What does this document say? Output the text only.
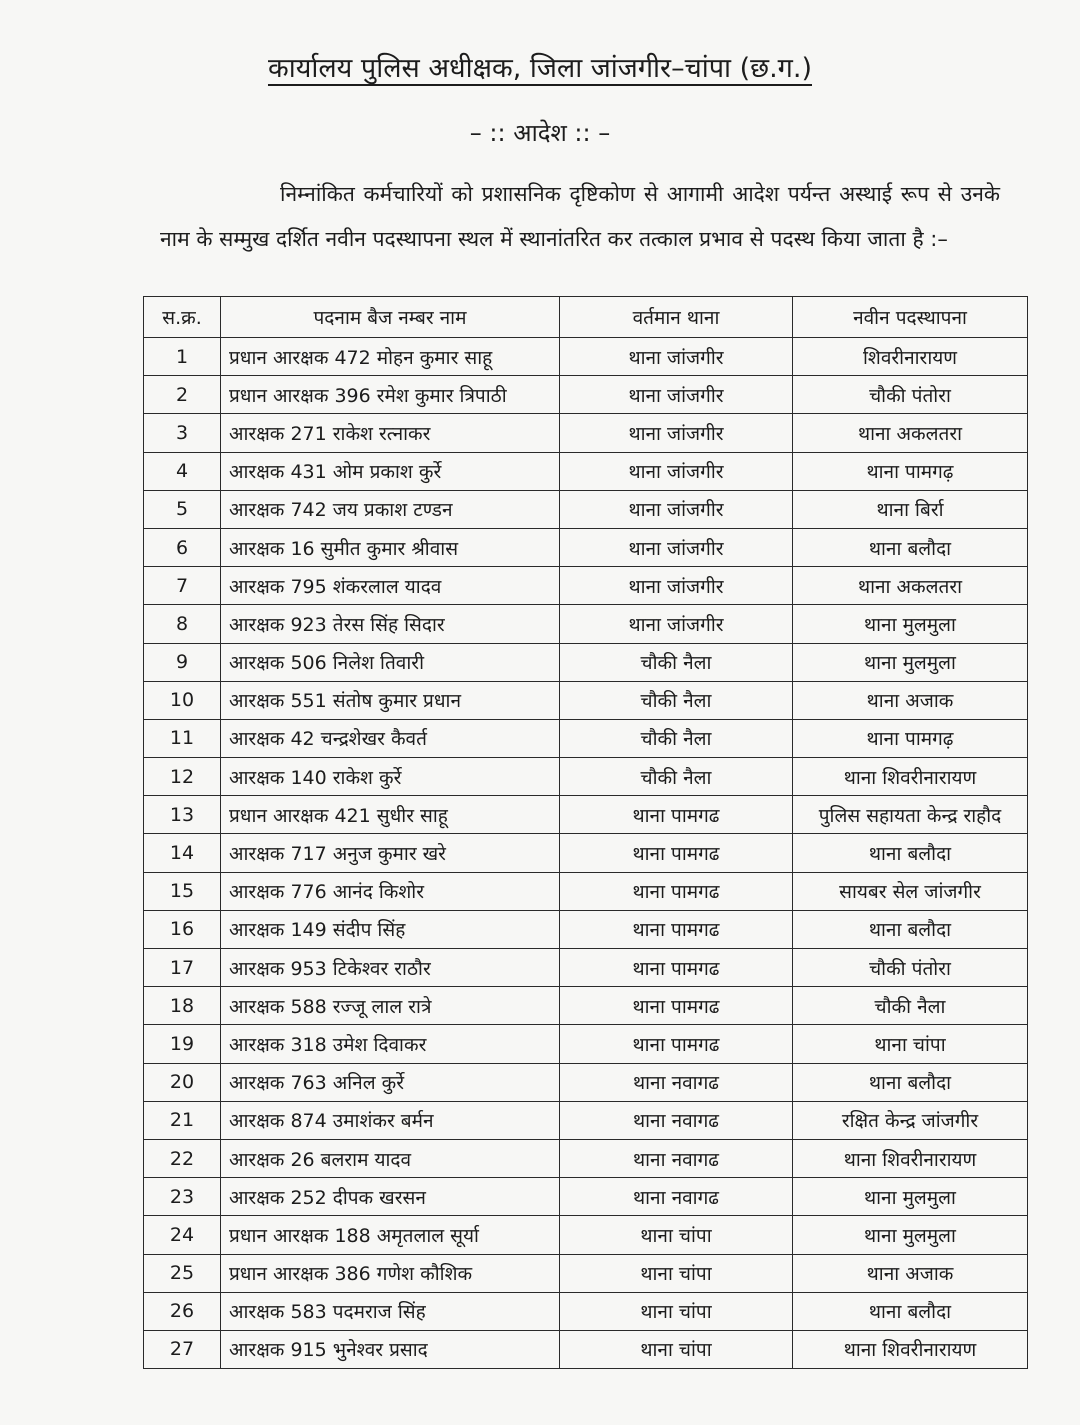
कार्यालय पुलिस अधीक्षक, जिला जांजगीर–चांपा (छ.ग.)
– :: आदेश :: –
निम्नांकित कर्मचारियों को प्रशासनिक दृष्टिकोण से आगामी आदेश पर्यन्त अस्थाई रूप से उनके नाम के सम्मुख दर्शित नवीन पदस्थापना स्थल में स्थानांतरित कर तत्काल प्रभाव से पदस्थ किया जाता है :–
स.क्र.	पदनाम बैज नम्बर नाम	वर्तमान थाना	नवीन पदस्थापना
1	प्रधान आरक्षक 472 मोहन कुमार साहू	थाना जांजगीर	शिवरीनारायण
2	प्रधान आरक्षक 396 रमेश कुमार त्रिपाठी	थाना जांजगीर	चौकी पंतोरा
3	आरक्षक 271 राकेश रत्नाकर	थाना जांजगीर	थाना अकलतरा
4	आरक्षक 431 ओम प्रकाश कुर्रे	थाना जांजगीर	थाना पामगढ़
5	आरक्षक 742 जय प्रकाश टण्डन	थाना जांजगीर	थाना बिर्रा
6	आरक्षक 16 सुमीत कुमार श्रीवास	थाना जांजगीर	थाना बलौदा
7	आरक्षक 795 शंकरलाल यादव	थाना जांजगीर	थाना अकलतरा
8	आरक्षक 923 तेरस सिंह सिदार	थाना जांजगीर	थाना मुलमुला
9	आरक्षक 506 निलेश तिवारी	चौकी नैला	थाना मुलमुला
10	आरक्षक 551 संतोष कुमार प्रधान	चौकी नैला	थाना अजाक
11	आरक्षक 42 चन्द्रशेखर कैवर्त	चौकी नैला	थाना पामगढ़
12	आरक्षक 140 राकेश कुर्रे	चौकी नैला	थाना शिवरीनारायण
13	प्रधान आरक्षक 421 सुधीर साहू	थाना पामगढ	पुलिस सहायता केन्द्र राहौद
14	आरक्षक 717 अनुज कुमार खरे	थाना पामगढ	थाना बलौदा
15	आरक्षक 776 आनंद किशोर	थाना पामगढ	सायबर सेल जांजगीर
16	आरक्षक 149 संदीप सिंह	थाना पामगढ	थाना बलौदा
17	आरक्षक 953 टिकेश्वर राठौर	थाना पामगढ	चौकी पंतोरा
18	आरक्षक 588 रज्जू लाल रात्रे	थाना पामगढ	चौकी नैला
19	आरक्षक 318 उमेश दिवाकर	थाना पामगढ	थाना चांपा
20	आरक्षक 763 अनिल कुर्रे	थाना नवागढ	थाना बलौदा
21	आरक्षक 874 उमाशंकर बर्मन	थाना नवागढ	रक्षित केन्द्र जांजगीर
22	आरक्षक 26 बलराम यादव	थाना नवागढ	थाना शिवरीनारायण
23	आरक्षक 252 दीपक खरसन	थाना नवागढ	थाना मुलमुला
24	प्रधान आरक्षक 188 अमृतलाल सूर्या	थाना चांपा	थाना मुलमुला
25	प्रधान आरक्षक 386 गणेश कौशिक	थाना चांपा	थाना अजाक
26	आरक्षक 583 पदमराज सिंह	थाना चांपा	थाना बलौदा
27	आरक्षक 915 भुनेश्वर प्रसाद	थाना चांपा	थाना शिवरीनारायण
